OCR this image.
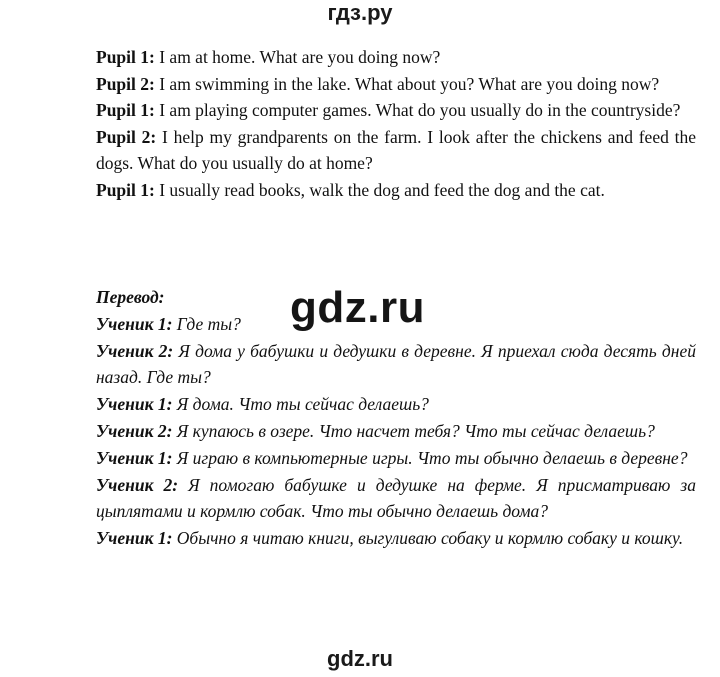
гдз.ру
Pupil 1: I am at home. What are you doing now?
Pupil 2: I am swimming in the lake. What about you? What are you doing now?
Pupil 1: I am playing computer games. What do you usually do in the countryside?
Pupil 2: I help my grandparents on the farm. I look after the chickens and feed the dogs. What do you usually do at home?
Pupil 1: I usually read books, walk the dog and feed the dog and the cat.
Перевод:
Ученик 1: Где ты?
Ученик 2: Я дома у бабушки и дедушки в деревне. Я приехал сюда десять дней назад. Где ты?
Ученик 1: Я дома. Что ты сейчас делаешь?
Ученик 2: Я купаюсь в озере. Что насчет тебя? Что ты сейчас делаешь?
Ученик 1: Я играю в компьютерные игры. Что ты обычно делаешь в деревне?
Ученик 2: Я помогаю бабушке и дедушке на ферме. Я присматриваю за цыплятами и кормлю собак. Что ты обычно делаешь дома?
Ученик 1: Обычно я читаю книги, выгуливаю собаку и кормлю собаку и кошку.
gdz.ru
gdz.ru
